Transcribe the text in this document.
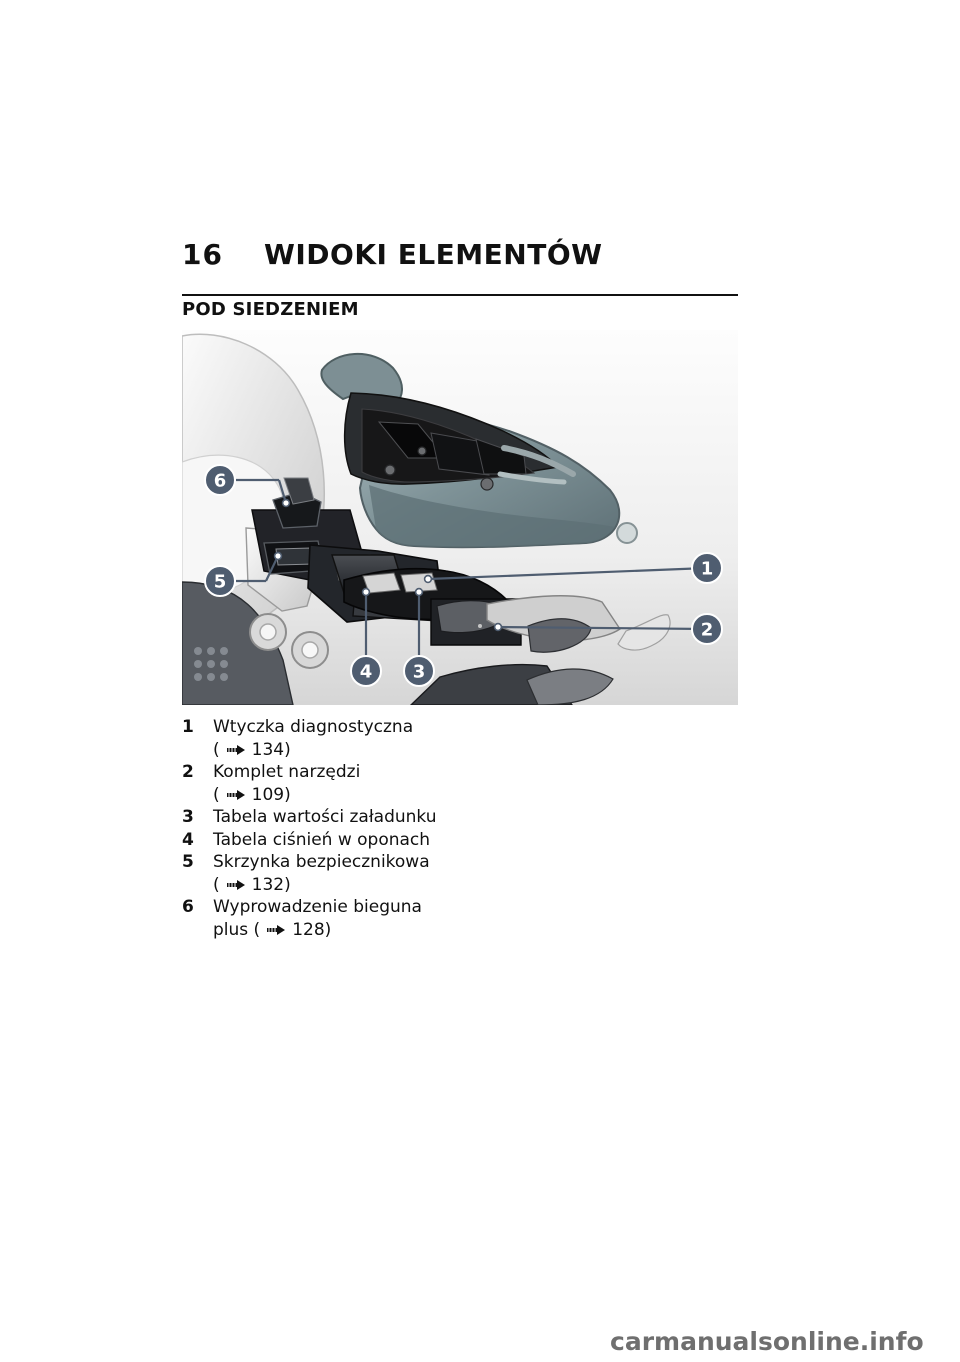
16	WIDOKI ELEMENTÓW
POD SIEDZENIEM
1
2
3
4
5
6
1	Wtyczka diagnostyczna
( 134)
2	Komplet narzędzi
( 109)
3	Tabela wartości załadunku
4	Tabela ciśnień w oponach
5	Skrzynka bezpiecznikowa
( 132)
6	Wyprowadzenie bieguna
plus ( 128)
carmanualsonline.info
